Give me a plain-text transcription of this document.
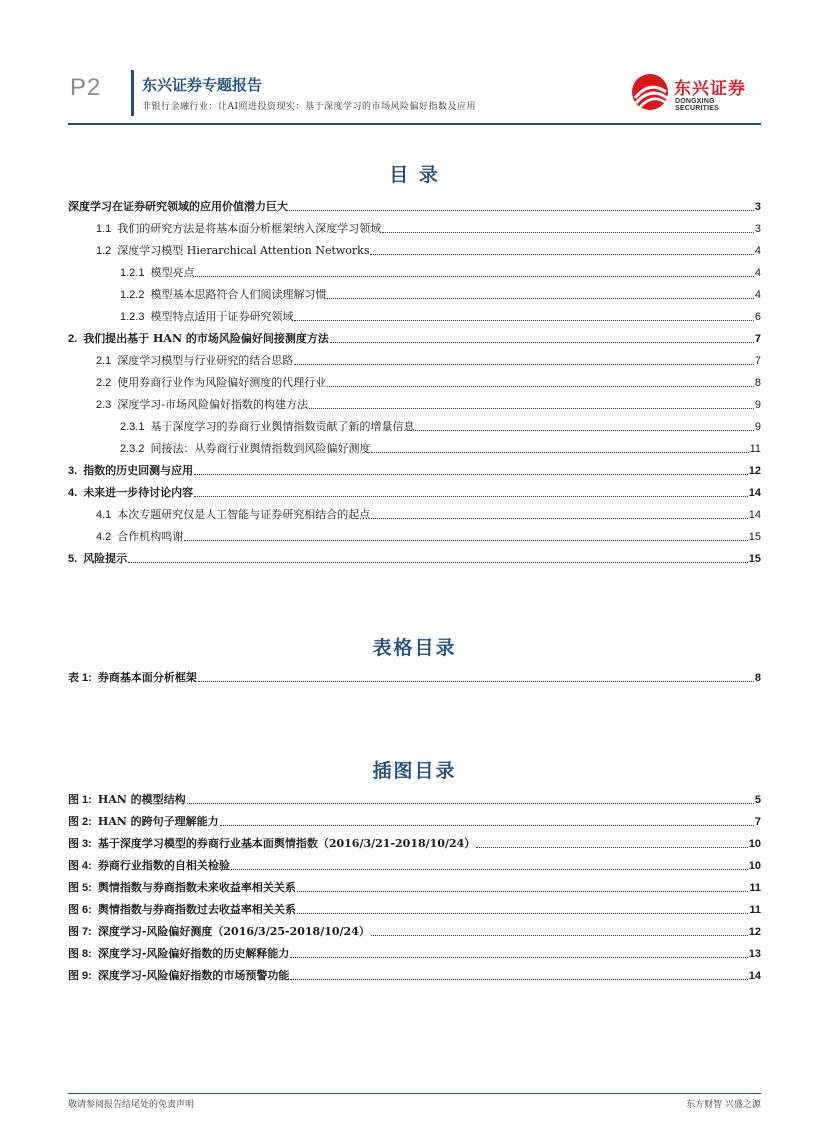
P2	东兴证券专题报告
非银行金融行业：让AI照进投资现实：基于深度学习的市场风险偏好指数及应用
东兴证券
DONGXING SECURITIES
目 录
深度学习在证券研究领域的应用价值潜力巨大	3
1.1 我们的研究方法是将基本面分析框架纳入深度学习领域	3
1.2 深度学习模型 Hierarchical Attention Networks	4
1.2.1 模型亮点	4
1.2.2 模型基本思路符合人们阅读理解习惯	4
1.2.3 模型特点适用于证券研究领域	6
2. 我们提出基于 HAN 的市场风险偏好间接测度方法	7
2.1 深度学习模型与行业研究的结合思路	7
2.2 使用券商行业作为风险偏好测度的代理行业	8
2.3 深度学习-市场风险偏好指数的构建方法	9
2.3.1 基于深度学习的券商行业舆情指数贡献了新的增量信息	9
2.3.2 间接法：从券商行业舆情指数到风险偏好测度	11
3. 指数的历史回测与应用	12
4. 未来进一步待讨论内容	14
4.1 本次专题研究仅是人工智能与证券研究相结合的起点	14
4.2 合作机构鸣谢	15
5. 风险提示	15
表格目录
表 1: 券商基本面分析框架	8
插图目录
图 1: HAN 的模型结构	5
图 2: HAN 的跨句子理解能力	7
图 3: 基于深度学习模型的券商行业基本面舆情指数（2016/3/21-2018/10/24）	10
图 4: 券商行业指数的自相关检验	10
图 5: 舆情指数与券商指数未来收益率相关关系	11
图 6: 舆情指数与券商指数过去收益率相关关系	11
图 7: 深度学习-风险偏好测度（2016/3/25-2018/10/24）	12
图 8: 深度学习-风险偏好指数的历史解释能力	13
图 9: 深度学习-风险偏好指数的市场预警功能	14
敬请参阅报告结尾处的免责声明	东方财智 兴盛之源
